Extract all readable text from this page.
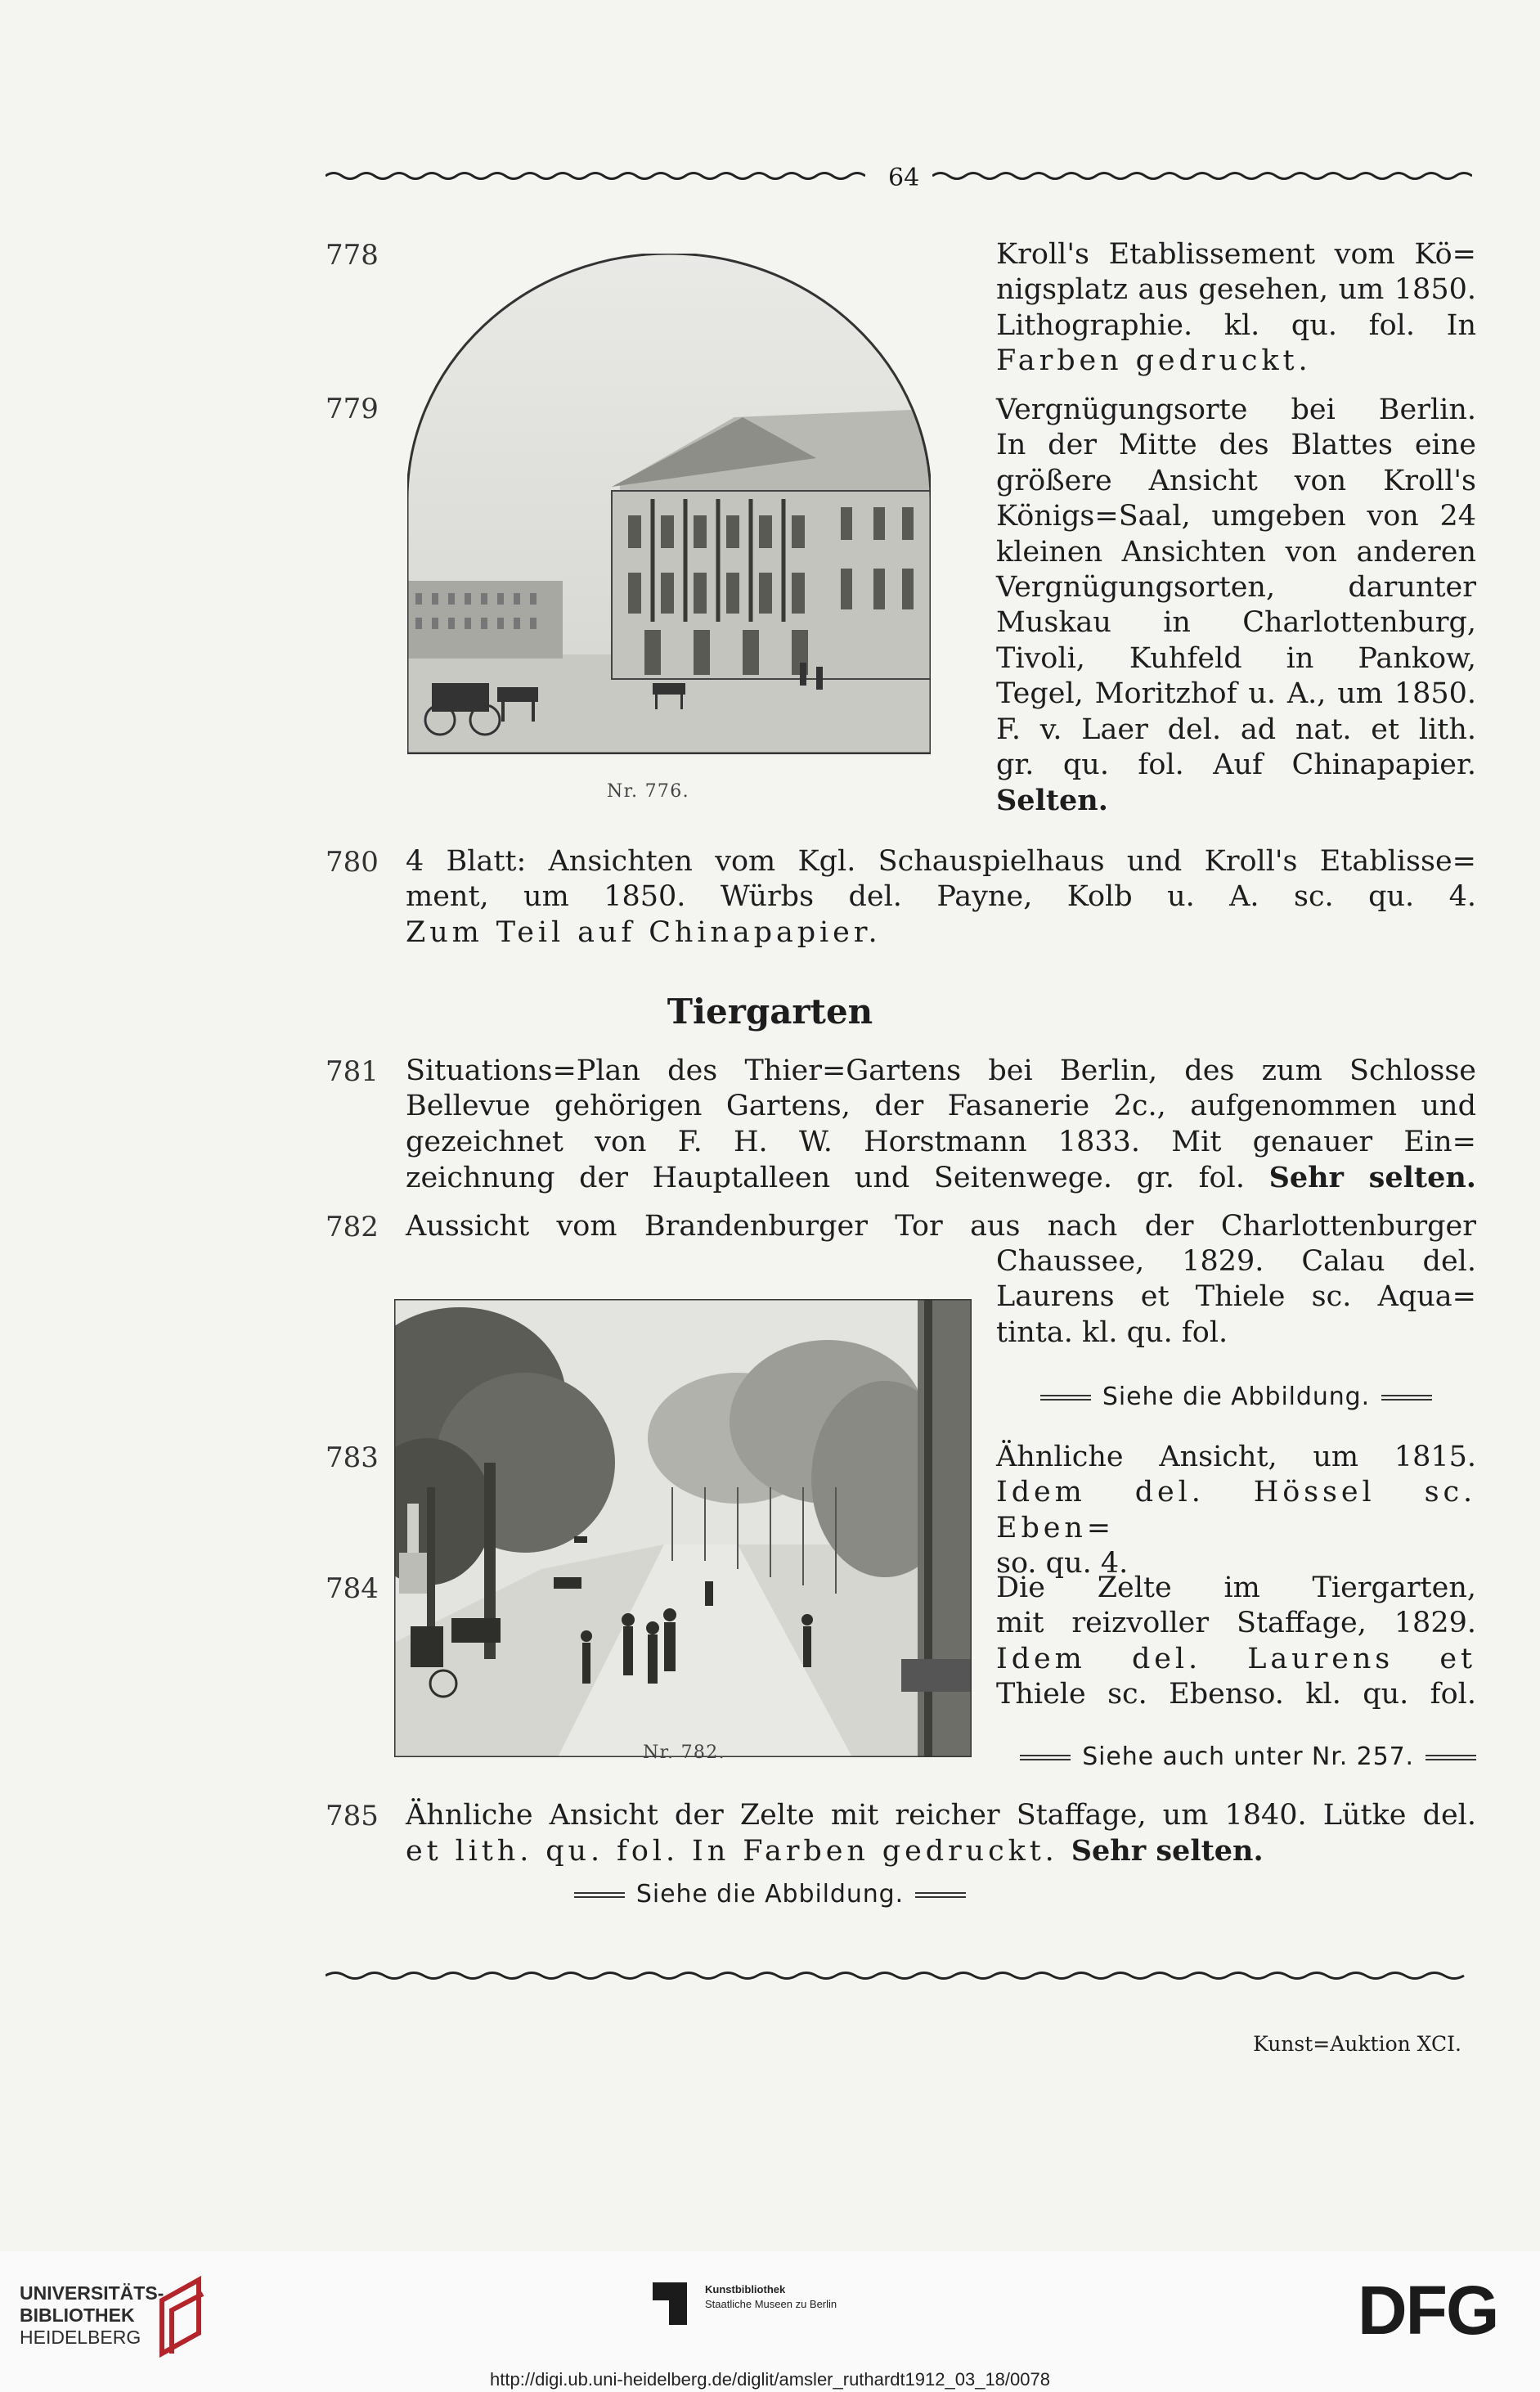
64
Nr. 776.
778	Kroll's Etablissement vom Kö=
nigsplatz aus gesehen, um 1850.
Lithographie. kl. qu. fol. In
Farben gedruckt.
779	Vergnügungsorte bei Berlin.
In der Mitte des Blattes eine
größere Ansicht von Kroll's
Königs=Saal, umgeben von 24
kleinen Ansichten von anderen
Vergnügungsorten, darunter
Muskau in Charlottenburg,
Tivoli, Kuhfeld in Pankow,
Tegel, Moritzhof u. A., um 1850.
F. v. Laer del. ad nat. et lith.
gr. qu. fol. Auf Chinapapier.
Selten.
780 4 Blatt: Ansichten vom Kgl. Schauspielhaus und Kroll's Etablisse=
ment, um 1850. Würbs del. Payne, Kolb u. A. sc. qu. 4.
Zum Teil auf Chinapapier.
Tiergarten
781 Situations=Plan des Thier=Gartens bei Berlin, des zum Schlosse
Bellevue gehörigen Gartens, der Fasanerie 2c., aufgenommen und
gezeichnet von F. H. W. Horstmann 1833. Mit genauer Ein=
zeichnung der Hauptalleen und Seitenwege. gr. fol. Sehr selten.
782 Aussicht vom Brandenburger Tor aus nach der Charlottenburger
Chaussee, 1829. Calau del.
Laurens et Thiele sc. Aqua=
tinta. kl. qu. fol.
Siehe die Abbildung.
Nr. 782.
783	Ähnliche Ansicht, um 1815.
Idem del. Hössel sc. Eben=
so. qu. 4.
784	Die Zelte im Tiergarten,
mit reizvoller Staffage, 1829.
Idem del. Laurens et
Thiele sc. Ebenso. kl. qu. fol.
Siehe auch unter Nr. 257.
785 Ähnliche Ansicht der Zelte mit reicher Staffage, um 1840. Lütke del.
et lith. qu. fol. In Farben gedruckt. Sehr selten.
Siehe die Abbildung.
Kunst=Auktion XCI.
UNIVERSITÄTS-
BIBLIOTHEK
HEIDELBERG
Kunstbibliothek
Staatliche Museen zu Berlin	DFG
http://digi.ub.uni-heidelberg.de/diglit/amsler_ruthardt1912_03_18/0078
